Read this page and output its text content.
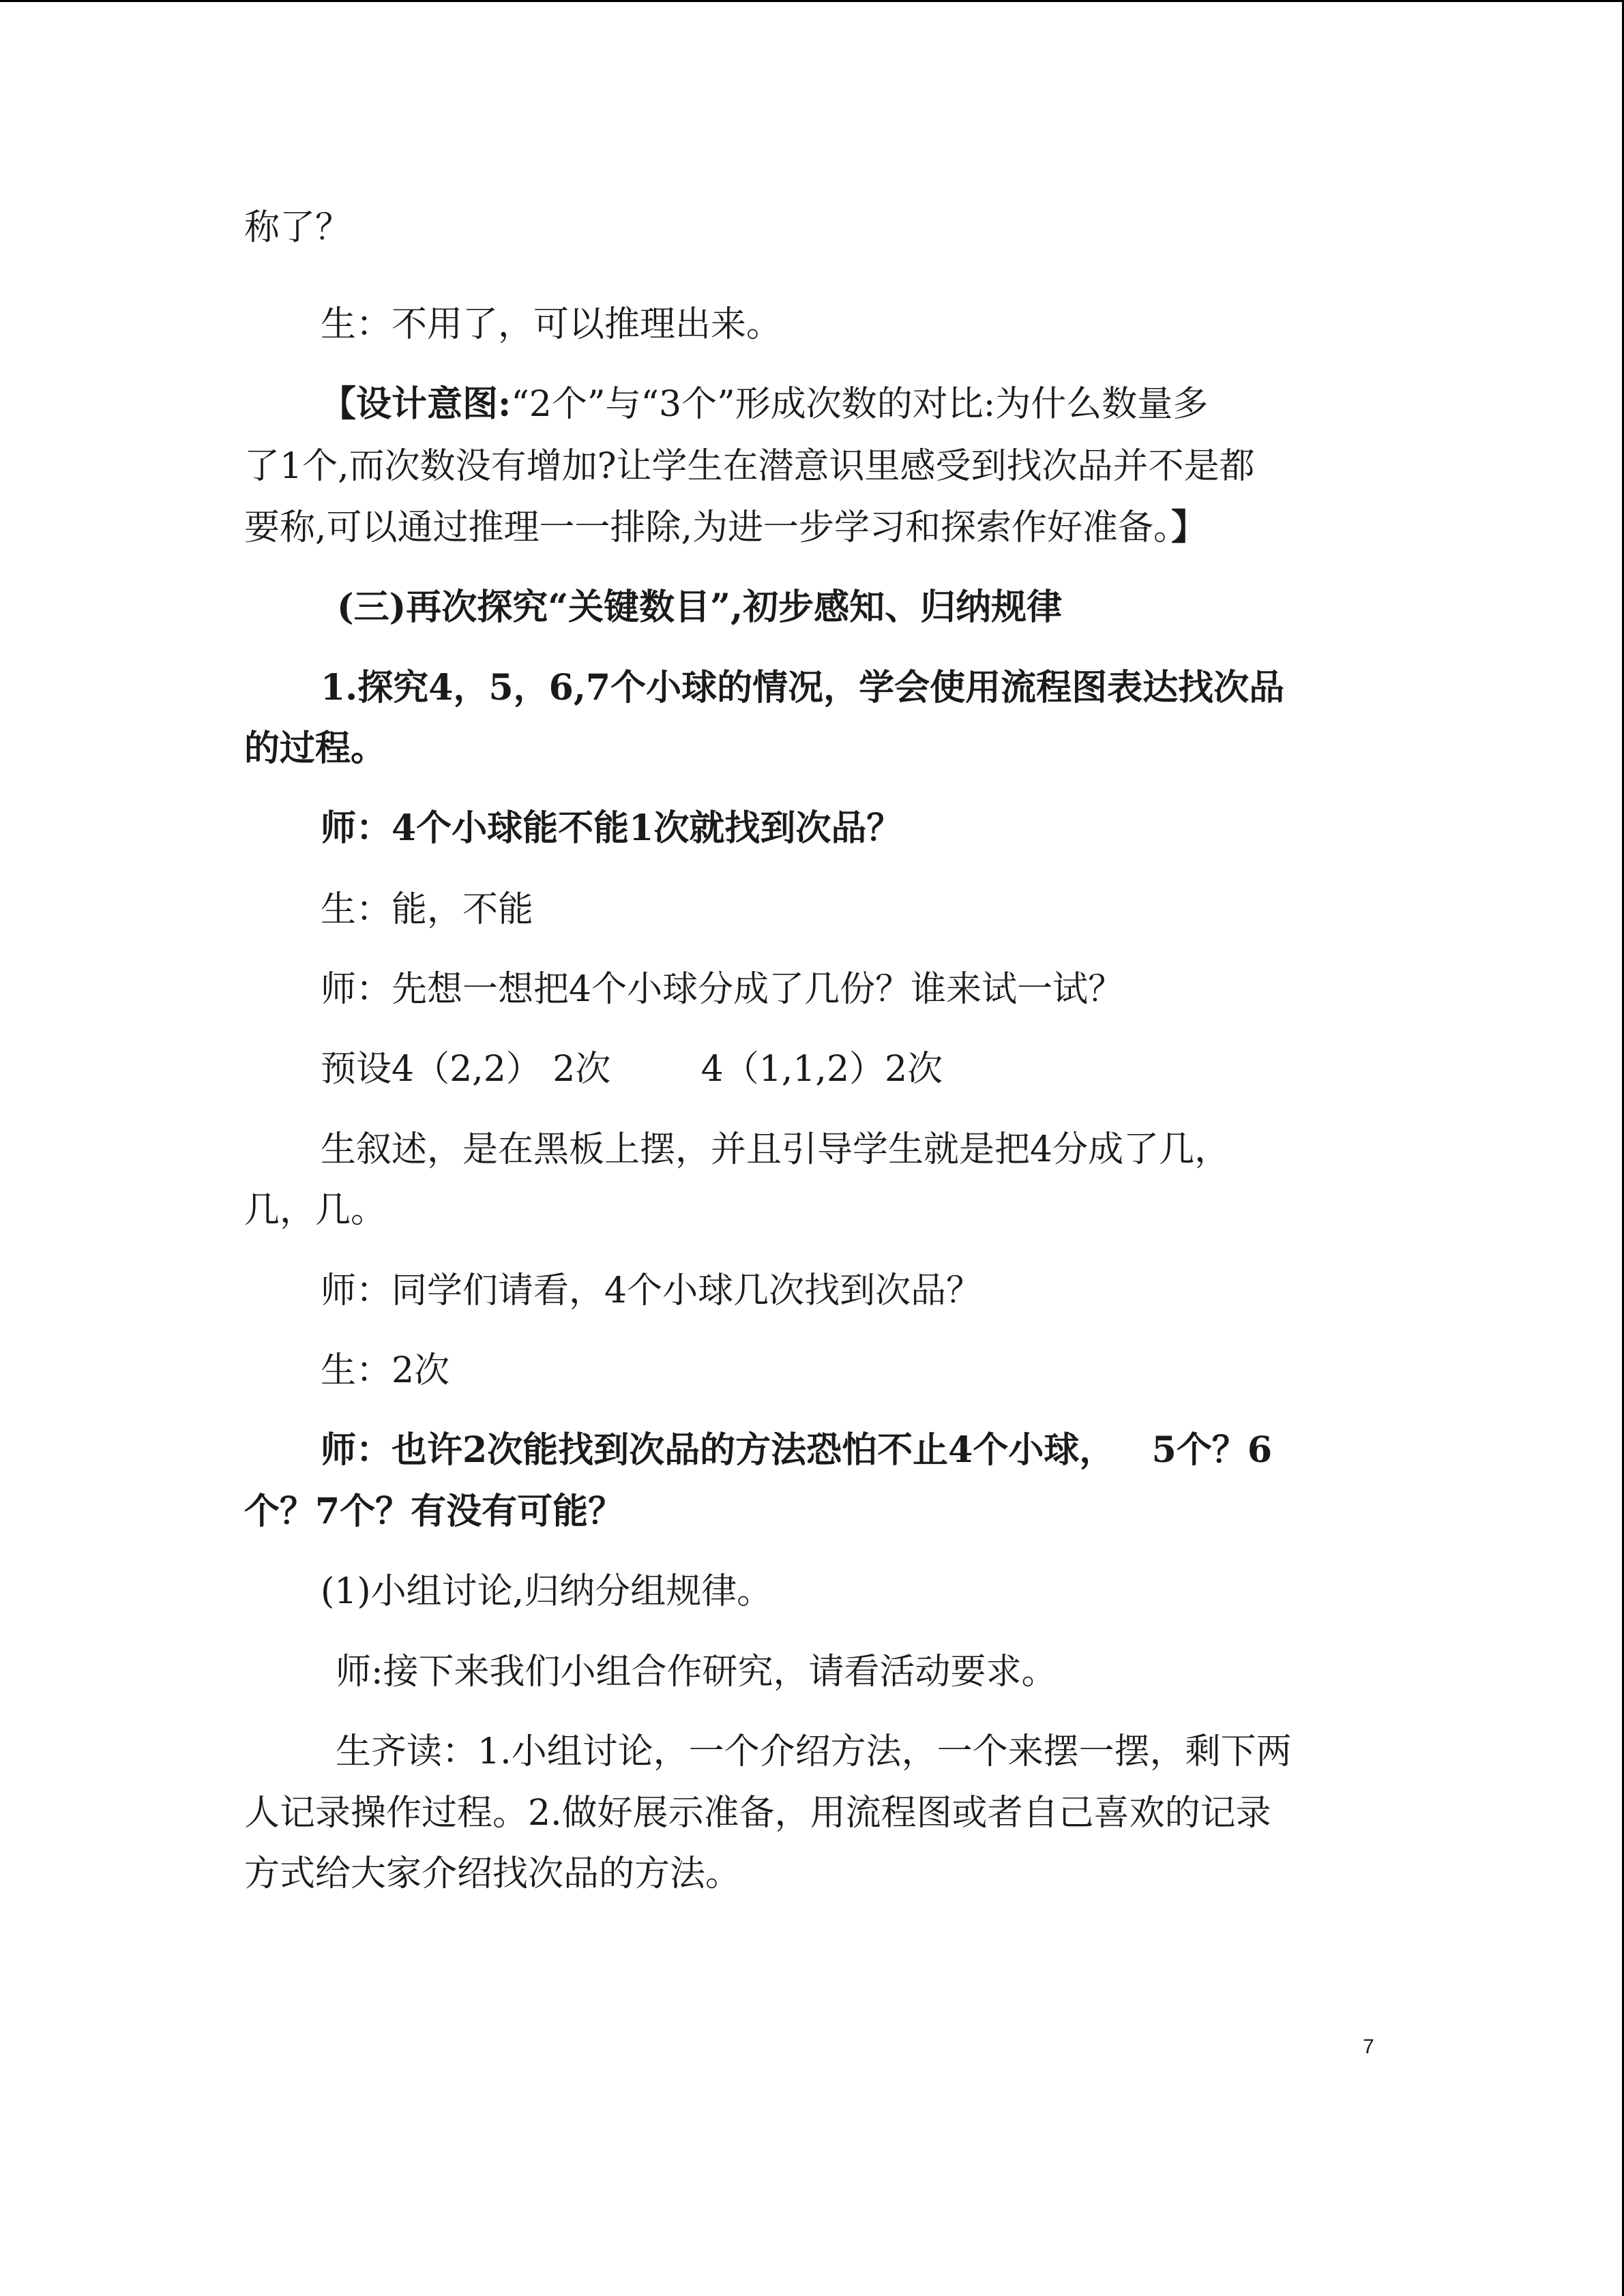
称了？

生：不用了，可以推理出来。

【设计意图:“2个”与“3个”形成次数的对比:为什么数量多

了1个,而次数没有增加?让学生在潜意识里感受到找次品并不是都

要称,可以通过推理一一排除,为进一步学习和探索作好准备。】

(三)再次探究“关键数目”,初步感知、归纳规律

1.探究4，5，6,7个小球的情况，学会使用流程图表达找次品

的过程。

师：4个小球能不能1次就找到次品？

生：能，不能

师：先想一想把4个小球分成了几份？谁来试一试？

预设4（2,2） 2次        4（1,1,2）2次

生叙述，是在黑板上摆，并且引导学生就是把4分成了几，

几，几。

师：同学们请看，4个小球几次找到次品？

生：2次

师：也许2次能找到次品的方法恐怕不止4个小球，   5个？6

个？7个？有没有可能？

(1)小组讨论,归纳分组规律。

师:接下来我们小组合作研究，请看活动要求。

生齐读：1.小组讨论，一个介绍方法，一个来摆一摆，剩下两

人记录操作过程。2.做好展示准备，用流程图或者自己喜欢的记录

方式给大家介绍找次品的方法。

7
